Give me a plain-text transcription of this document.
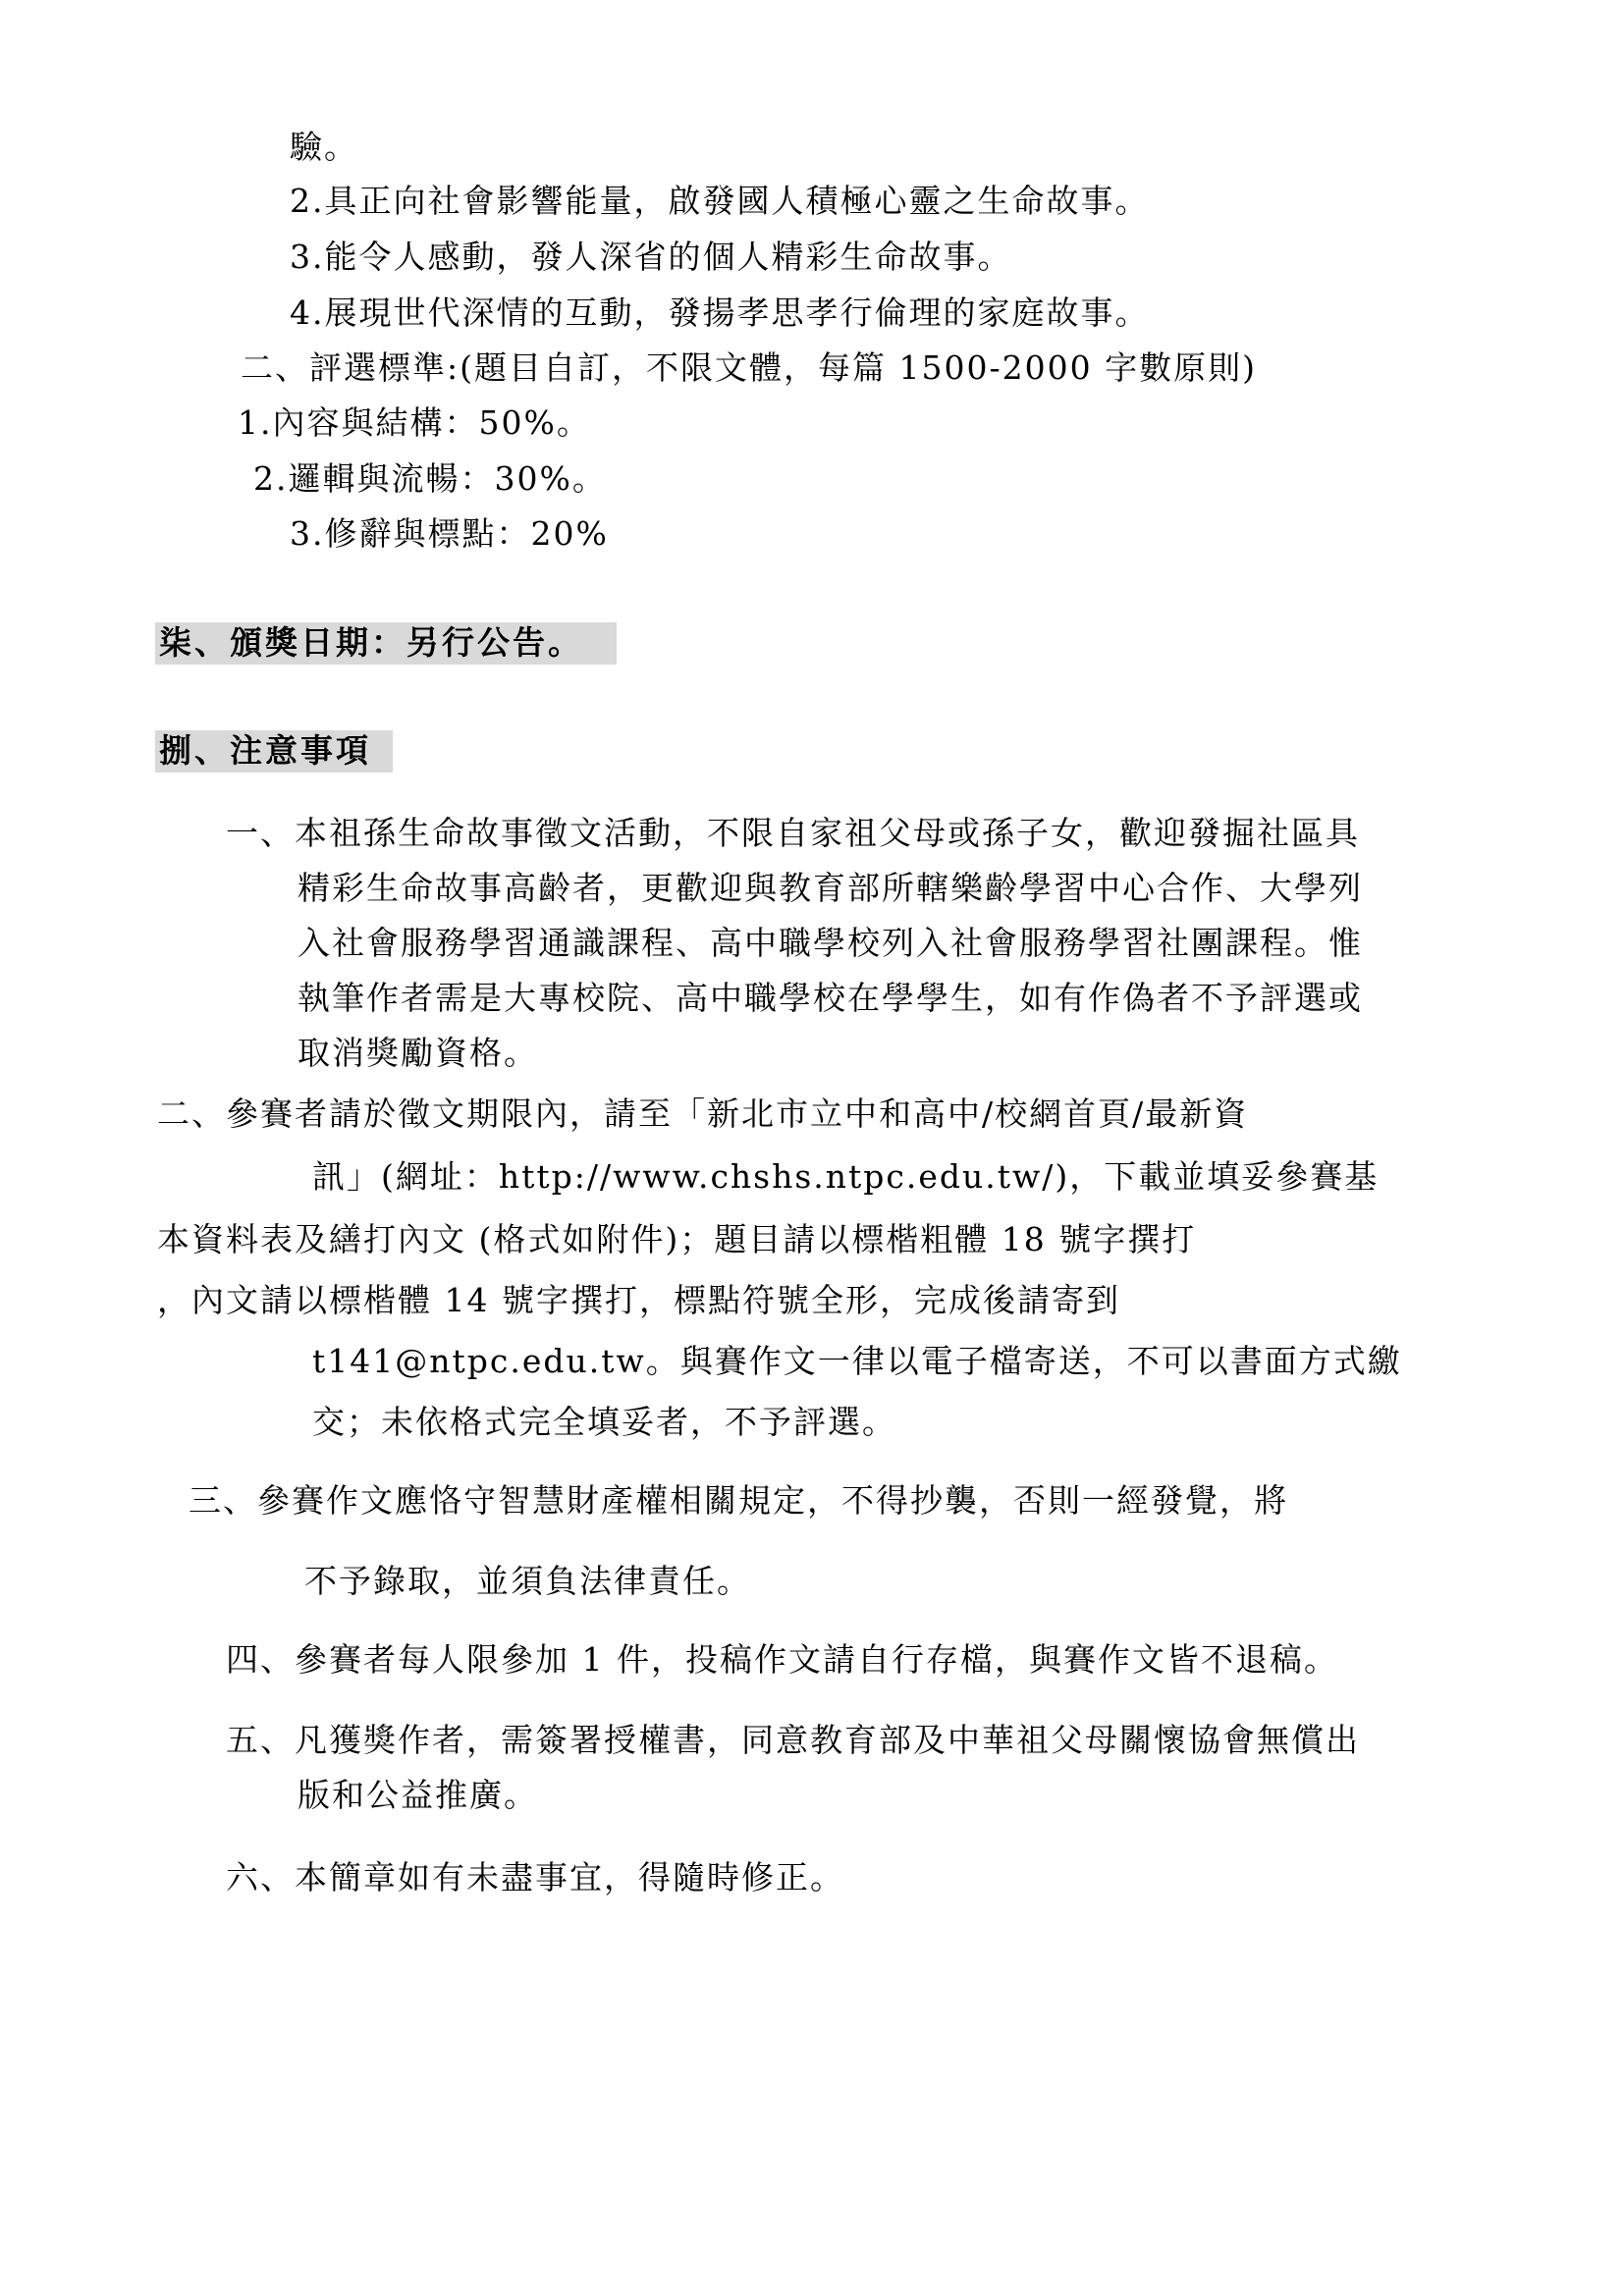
驗。
2.具正向社會影響能量，啟發國人積極心靈之生命故事。
3.能令人感動，發人深省的個人精彩生命故事。
4.展現世代深情的互動，發揚孝思孝行倫理的家庭故事。
二、評選標準:(題目自訂，不限文體，每篇 1500-2000 字數原則)
1.內容與結構：50%。
2.邏輯與流暢：30%。
3.修辭與標點：20%
柒、頒獎日期：另行公告。
捌、注意事項
一、本祖孫生命故事徵文活動，不限自家祖父母或孫子女，歡迎發掘社區具
精彩生命故事高齡者，更歡迎與教育部所轄樂齡學習中心合作、大學列
入社會服務學習通識課程、高中職學校列入社會服務學習社團課程。惟
執筆作者需是大專校院、高中職學校在學學生，如有作偽者不予評選或
取消獎勵資格。
二、參賽者請於徵文期限內，請至「新北市立中和高中/校網首頁/最新資
訊」(網址：http://www.chshs.ntpc.edu.tw/)，下載並填妥參賽基
本資料表及繕打內文 (格式如附件)；題目請以標楷粗體 18 號字撰打
，內文請以標楷體 14 號字撰打，標點符號全形，完成後請寄到
t141@ntpc.edu.tw。與賽作文一律以電子檔寄送，不可以書面方式繳
交；未依格式完全填妥者，不予評選。
三、參賽作文應恪守智慧財產權相關規定，不得抄襲，否則一經發覺，將
不予錄取，並須負法律責任。
四、參賽者每人限參加 1 件，投稿作文請自行存檔，與賽作文皆不退稿。
五、凡獲獎作者，需簽署授權書，同意教育部及中華祖父母關懷協會無償出
版和公益推廣。
六、本簡章如有未盡事宜，得隨時修正。
